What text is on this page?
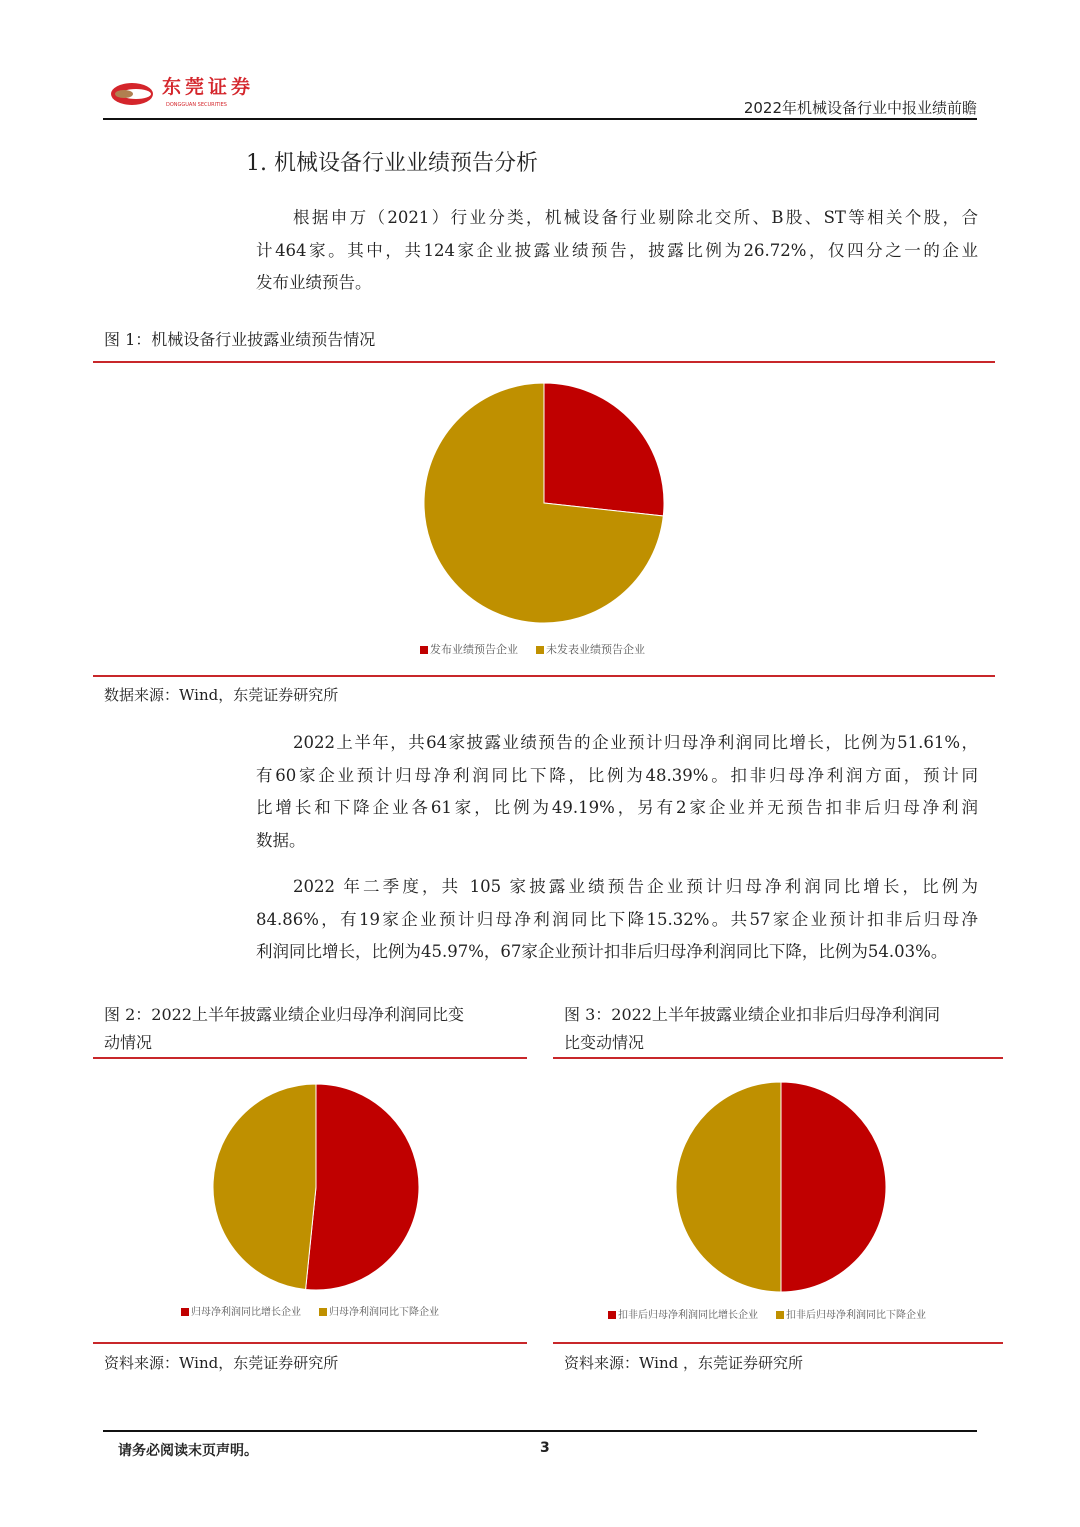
东莞证券
DONGGUAN SECURITIES	2022年机械设备行业中报业绩前瞻
1. 机械设备行业业绩预告分析
根据申万（2021）行业分类，机械设备行业剔除北交所、B股、ST等相关个股，合
计464家。其中，共124家企业披露业绩预告，披露比例为26.72%，仅四分之一的企业
发布业绩预告。
图 1：机械设备行业披露业绩预告情况
发布业绩预告企业	未发表业绩预告企业
数据来源：Wind，东莞证券研究所
2022上半年，共64家披露业绩预告的企业预计归母净利润同比增长，比例为51.61%，
有60家企业预计归母净利润同比下降，比例为48.39%。扣非归母净利润方面，预计同
比增长和下降企业各61家，比例为49.19%，另有2家企业并无预告扣非后归母净利润
数据。
2022 年二季度，共 105 家披露业绩预告企业预计归母净利润同比增长，比例为
84.86%，有19家企业预计归母净利润同比下降15.32%。共57家企业预计扣非后归母净
利润同比增长，比例为45.97%，67家企业预计扣非后归母净利润同比下降，比例为54.03%。
图 2：2022上半年披露业绩企业归母净利润同比变
动情况
图 3：2022上半年披露业绩企业扣非后归母净利润同
比变动情况
归母净利润同比增长企业	归母净利润同比下降企业	扣非后归母净利润同比增长企业	扣非后归母净利润同比下降企业
资料来源：Wind，东莞证券研究所	资料来源：Wind ，东莞证券研究所
请务必阅读末页声明。	3
